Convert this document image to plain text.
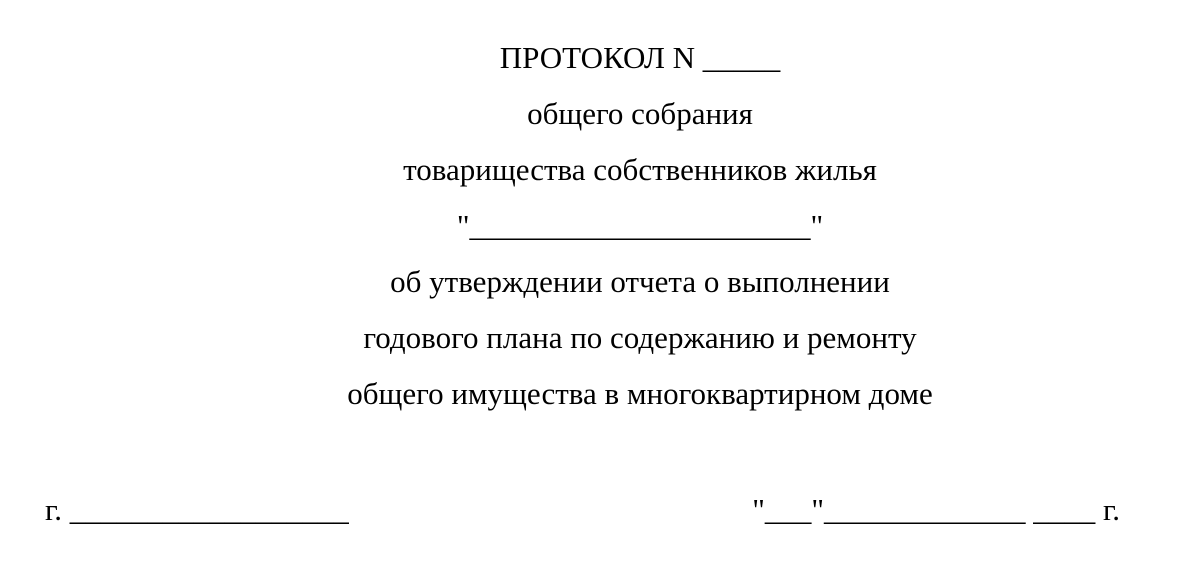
ПРОТОКОЛ N _____
общего собрания
товарищества собственников жилья
"______________________"
об утверждении отчета о выполнении
годового плана по содержанию и ремонту
общего имущества в многоквартирном доме
г. __________________	"___"_____________ ____ г.
